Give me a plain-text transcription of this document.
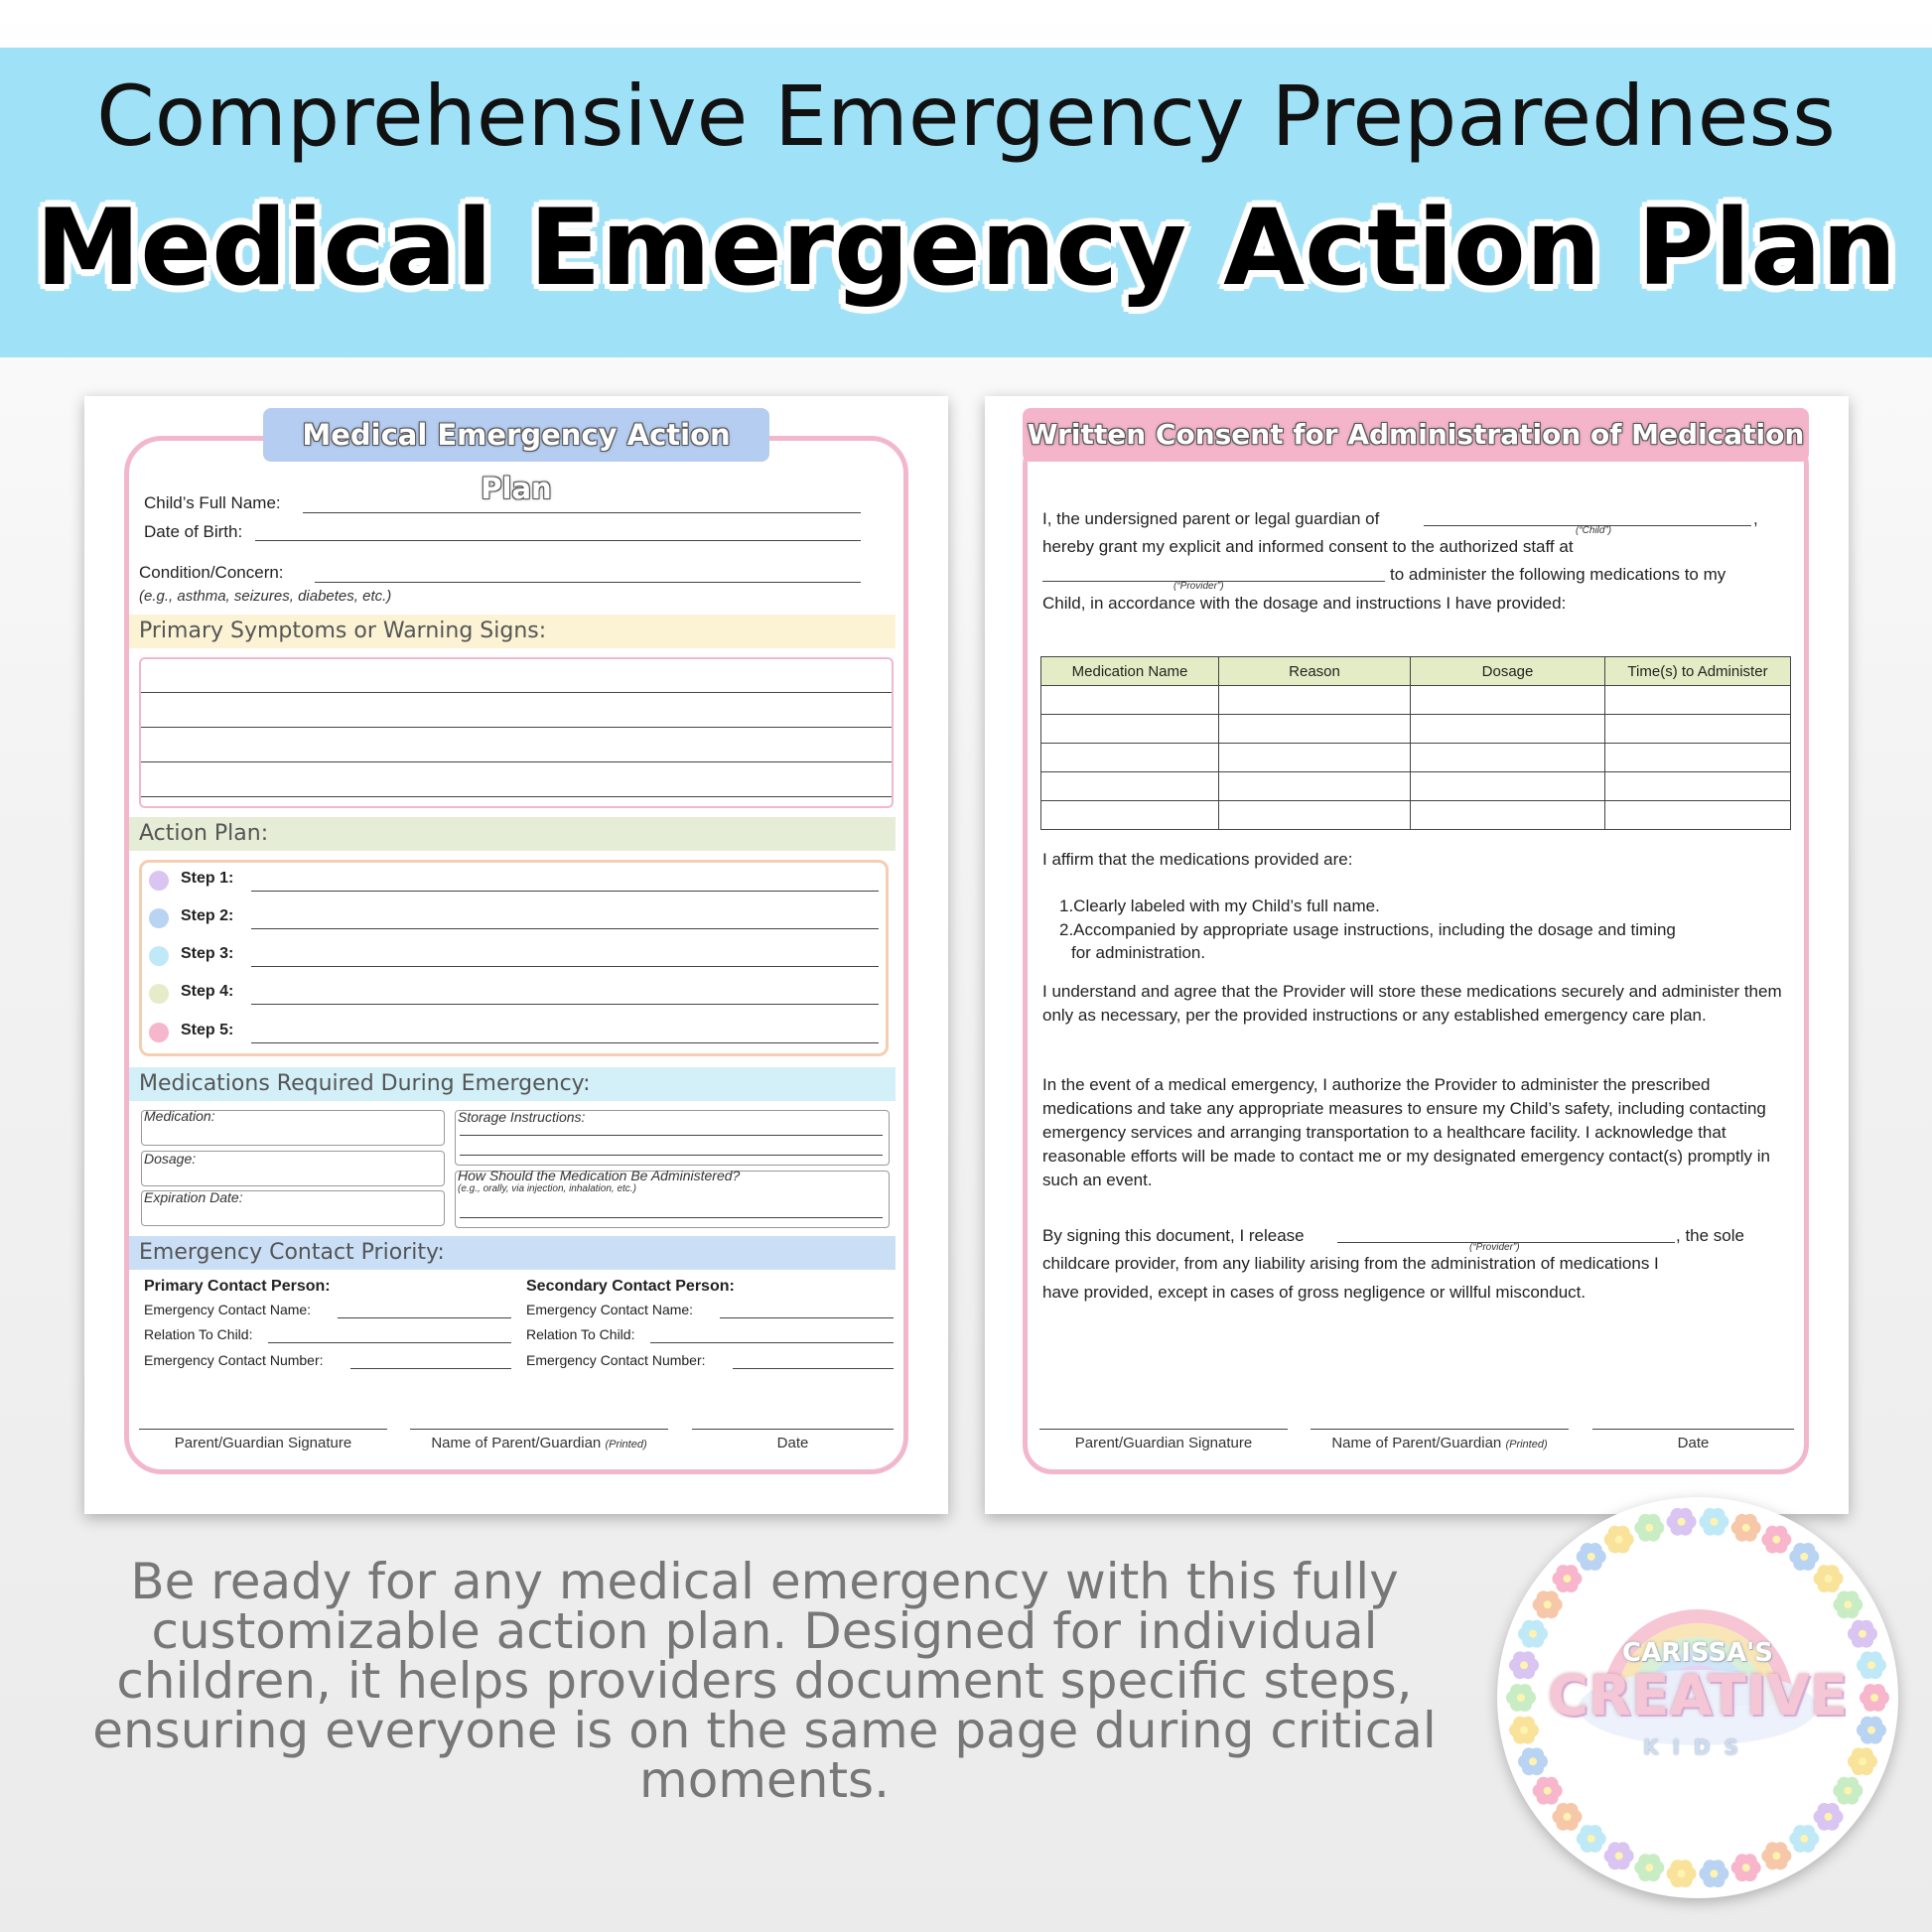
Comprehensive Emergency Preparedness
Medical Emergency Action Plan
Medical Emergency Action Plan
Child’s Full Name:
Date of Birth:
Condition/Concern:
(e.g., asthma, seizures, diabetes, etc.)
Primary Symptoms or Warning Signs:
Action Plan:
Step 1:
Step 2:
Step 3:
Step 4:
Step 5:
Medications Required During Emergency:
Medication:
Dosage:
Expiration Date:
Storage Instructions:
How Should the Medication Be Administered?
(e.g., orally, via injection, inhalation, etc.)
Emergency Contact Priority:
Primary Contact Person:
Emergency Contact Name:
Relation To Child:
Emergency Contact Number:
Secondary Contact Person:
Emergency Contact Name:
Relation To Child:
Emergency Contact Number:
Parent/Guardian Signature	Name of Parent/Guardian (Printed)	Date
Written Consent for Administration of Medication
I, the undersigned parent or legal guardian of	,
(“Child”)
hereby grant my explicit and informed consent to the authorized staff at
(“Provider”)
to administer the following medications to my
Child, in accordance with the dosage and instructions I have provided:
Medication Name	Reason	Dosage	Time(s) to Administer

I affirm that the medications provided are:
1.Clearly labeled with my Child’s full name.
2.Accompanied by appropriate usage instructions, including the dosage and timing
for administration.
I understand and agree that the Provider will store these medications securely and administer them only as necessary, per the provided instructions or any established emergency care plan.
In the event of a medical emergency, I authorize the Provider to administer the prescribed medications and take any appropriate measures to ensure my Child’s safety, including contacting emergency services and arranging transportation to a healthcare facility. I acknowledge that reasonable efforts will be made to contact me or my designated emergency contact(s) promptly in such an event.
By signing this document, I release
(“Provider”)
, the sole
childcare provider, from any liability arising from the administration of medications I
have provided, except in cases of gross negligence or willful misconduct.
Parent/Guardian Signature	Name of Parent/Guardian (Printed)	Date
Be ready for any medical emergency with this fully customizable action plan. Designed for individual children, it helps providers document specific steps, ensuring everyone is on the same page during critical moments.
CARISSA'S
CREATIVE
KIDS
